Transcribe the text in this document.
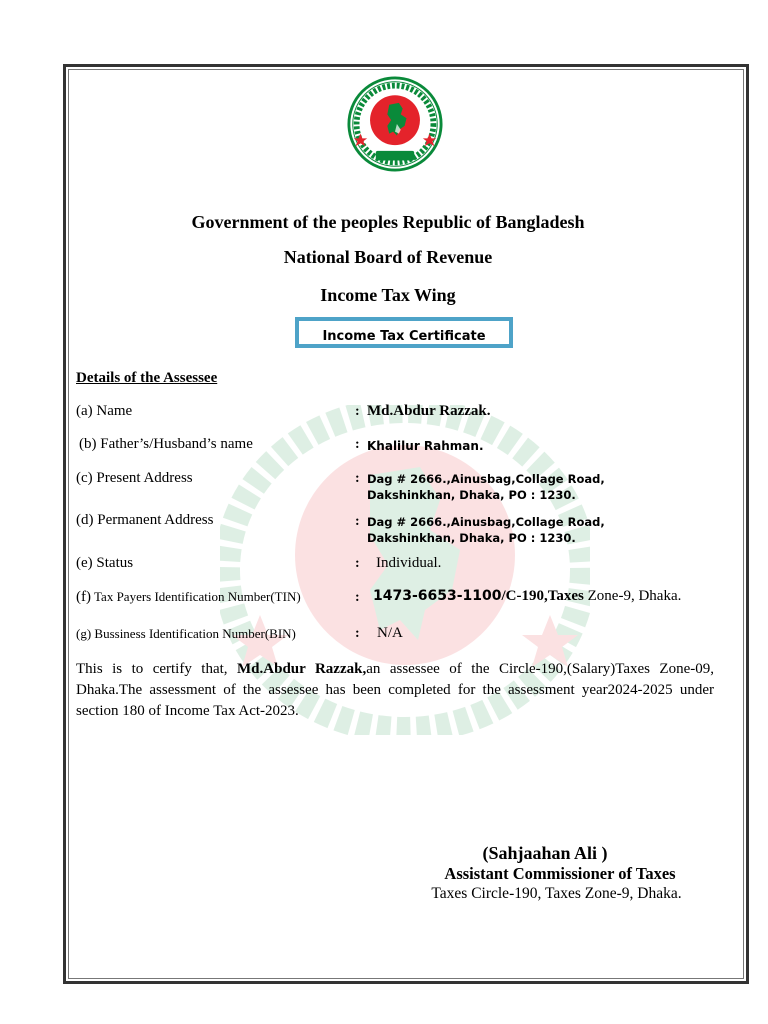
Government of the peoples Republic of Bangladesh
National Board of Revenue
Income Tax Wing
Income Tax Certificate
Details of the Assessee
(a) Name	: Md.Abdur Razzak.
(b) Father’s/Husband’s name	: Khalilur Rahman.
(c) Present Address	: Dag # 2666.,Ainusbag,Collage Road,
Dakshinkhan, Dhaka, PO : 1230.
(d) Permanent Address	: Dag # 2666.,Ainusbag,Collage Road,
Dakshinkhan, Dhaka, PO : 1230.
(e) Status	: Individual.
(f) Tax Payers Identification Number(TIN)	: 1473-6653-1100/C-190,Taxes Zone-9, Dhaka.
(g) Bussiness Identification Number(BIN)	: N/A
This is to certify that, Md.Abdur Razzak,an assessee of the Circle-190,(Salary)Taxes Zone-09, Dhaka.The assessment of the assessee has been completed for the assessment year2024-2025 under section 180 of Income Tax Act-2023.
(Sahjaahan Ali )
Assistant Commissioner of Taxes
Taxes Circle-190, Taxes Zone-9, Dhaka.
